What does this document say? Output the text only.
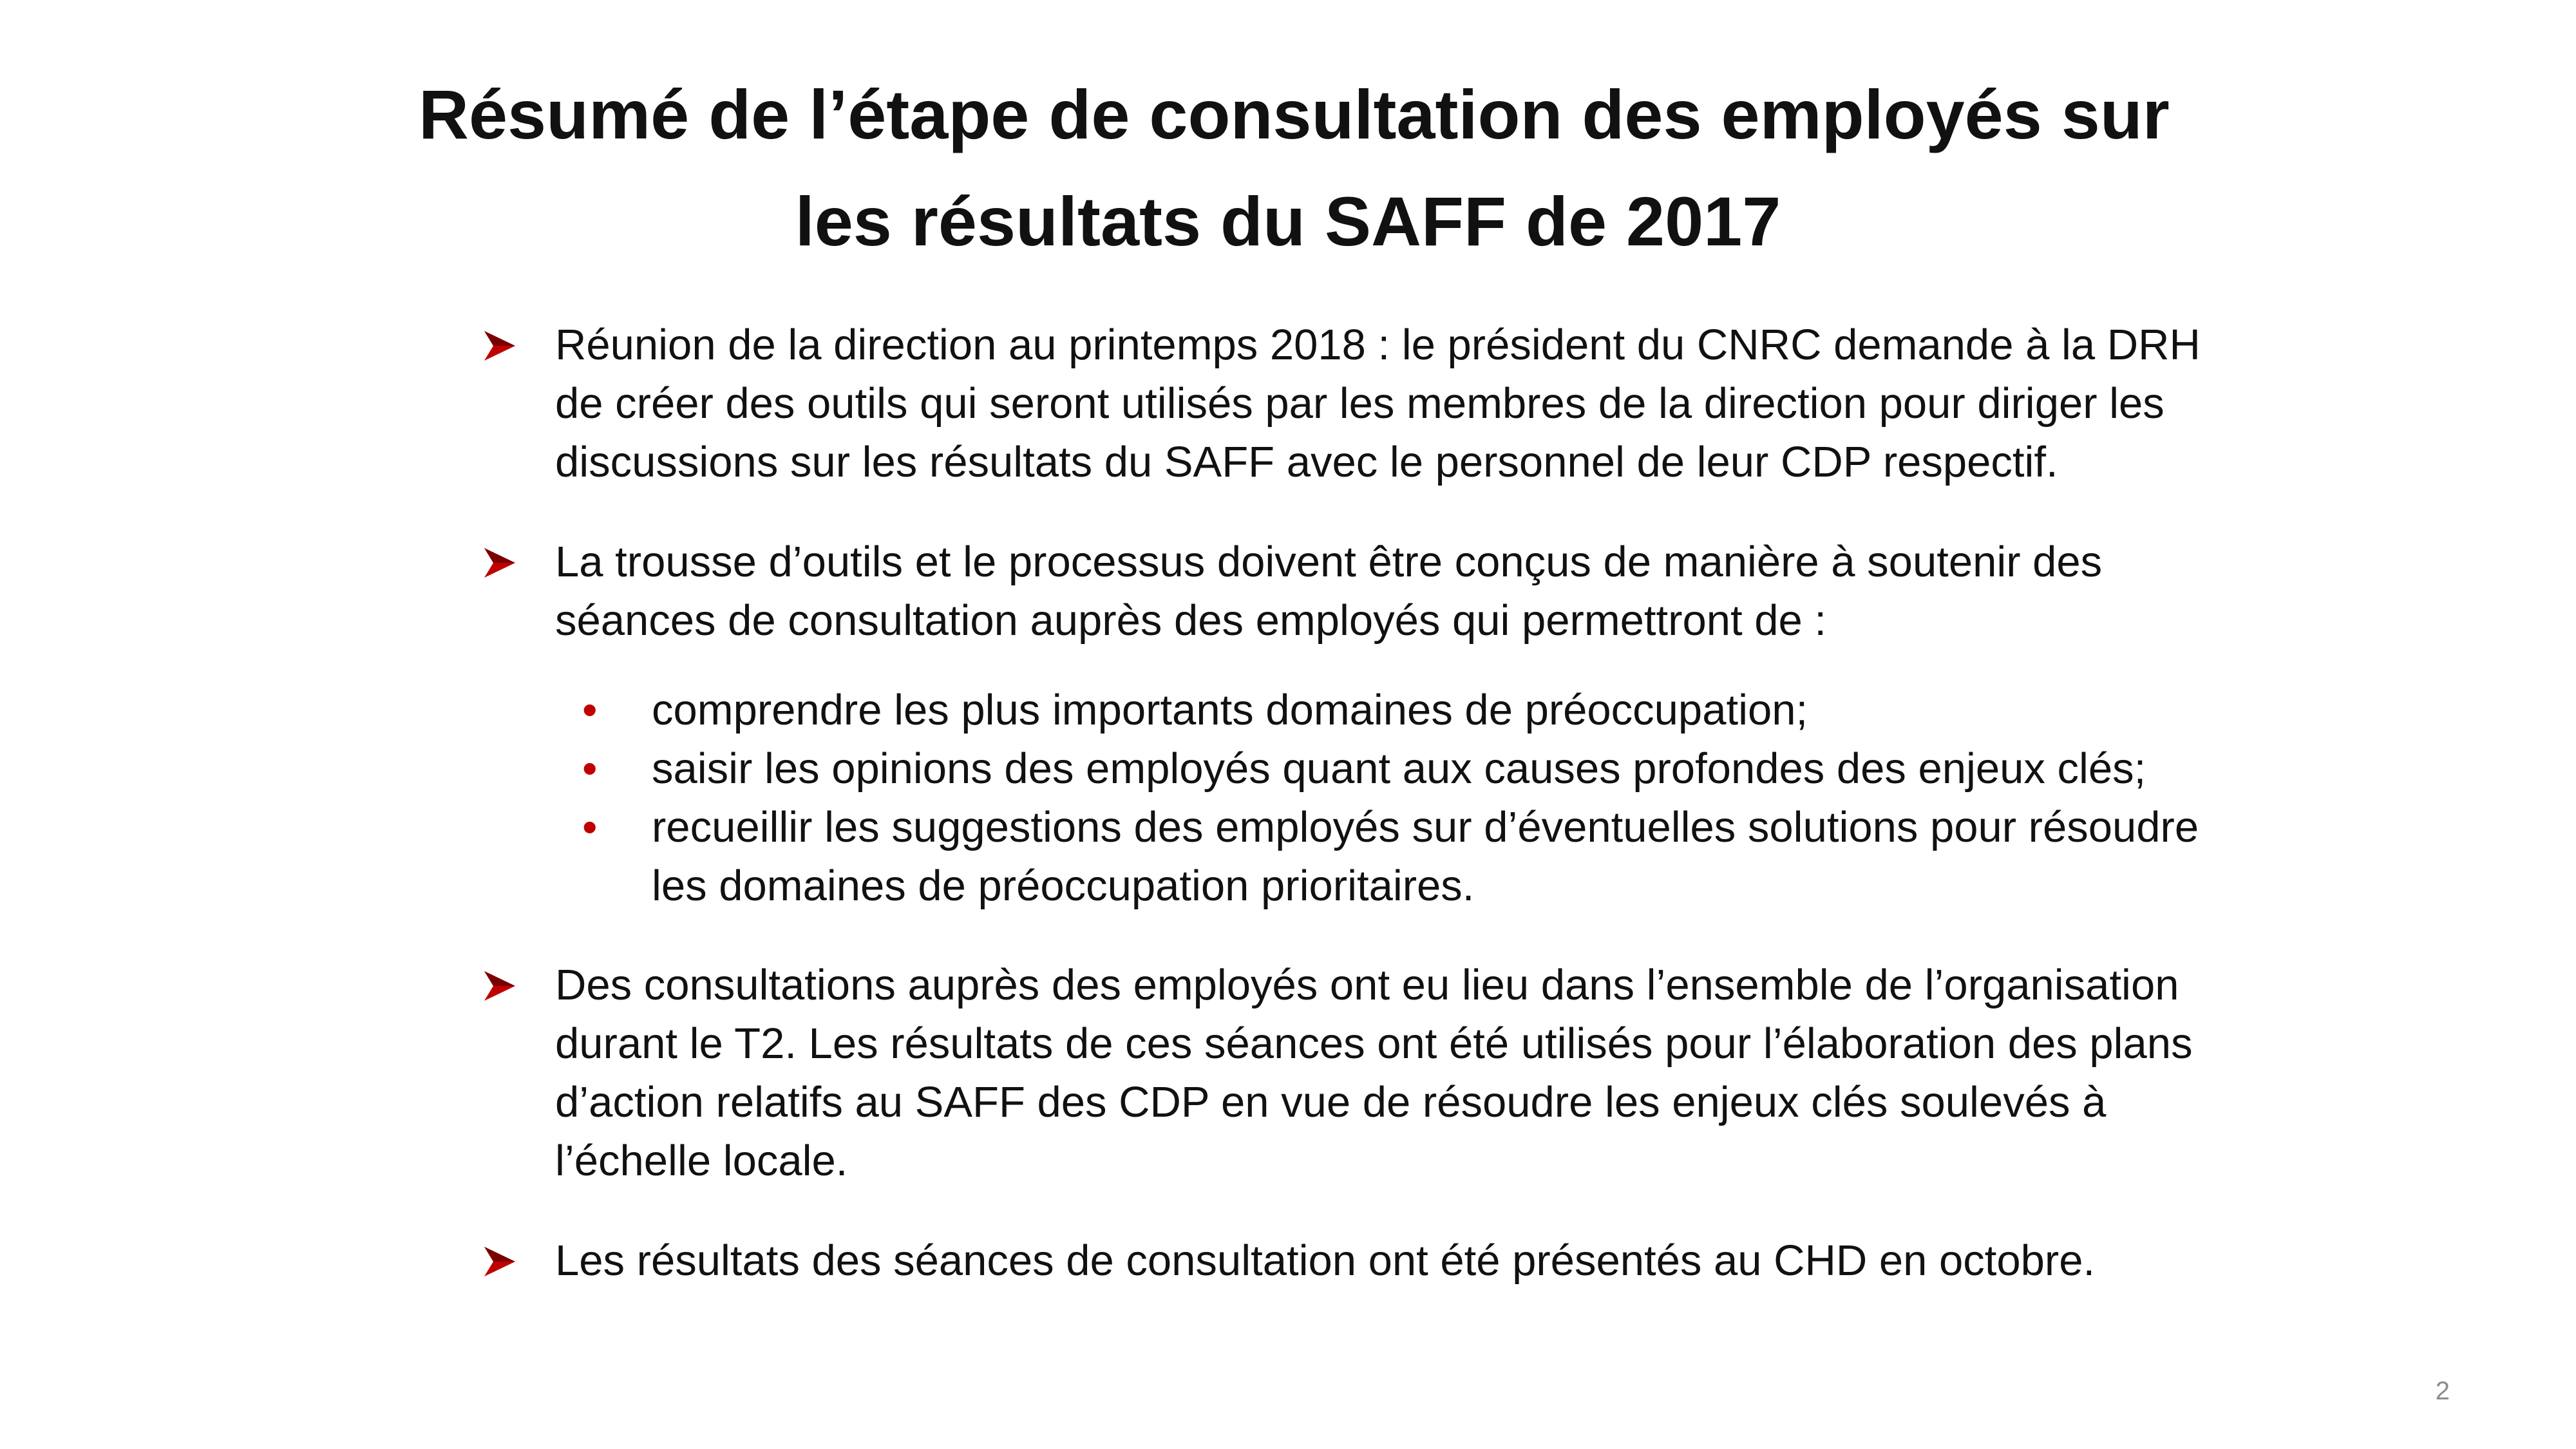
Résumé de l’étape de consultation des employés sur
les résultats du SAFF de 2017
Réunion de la direction au printemps 2018 : le président du CNRC demande à la DRH de créer des outils qui seront utilisés par les membres de la direction pour diriger les discussions sur les résultats du SAFF avec le personnel de leur CDP respectif.
La trousse d’outils et le processus doivent être conçus de manière à soutenir des séances de consultation auprès des employés qui permettront de :
• comprendre les plus importants domaines de préoccupation;
• saisir les opinions des employés quant aux causes profondes des enjeux clés;
• recueillir les suggestions des employés sur d’éventuelles solutions pour résoudre les domaines de préoccupation prioritaires.
Des consultations auprès des employés ont eu lieu dans l’ensemble de l’organisation durant le T2. Les résultats de ces séances ont été utilisés pour l’élaboration des plans d’action relatifs au SAFF des CDP en vue de résoudre les enjeux clés soulevés à l’échelle locale.
Les résultats des séances de consultation ont été présentés au CHD en octobre.
2
